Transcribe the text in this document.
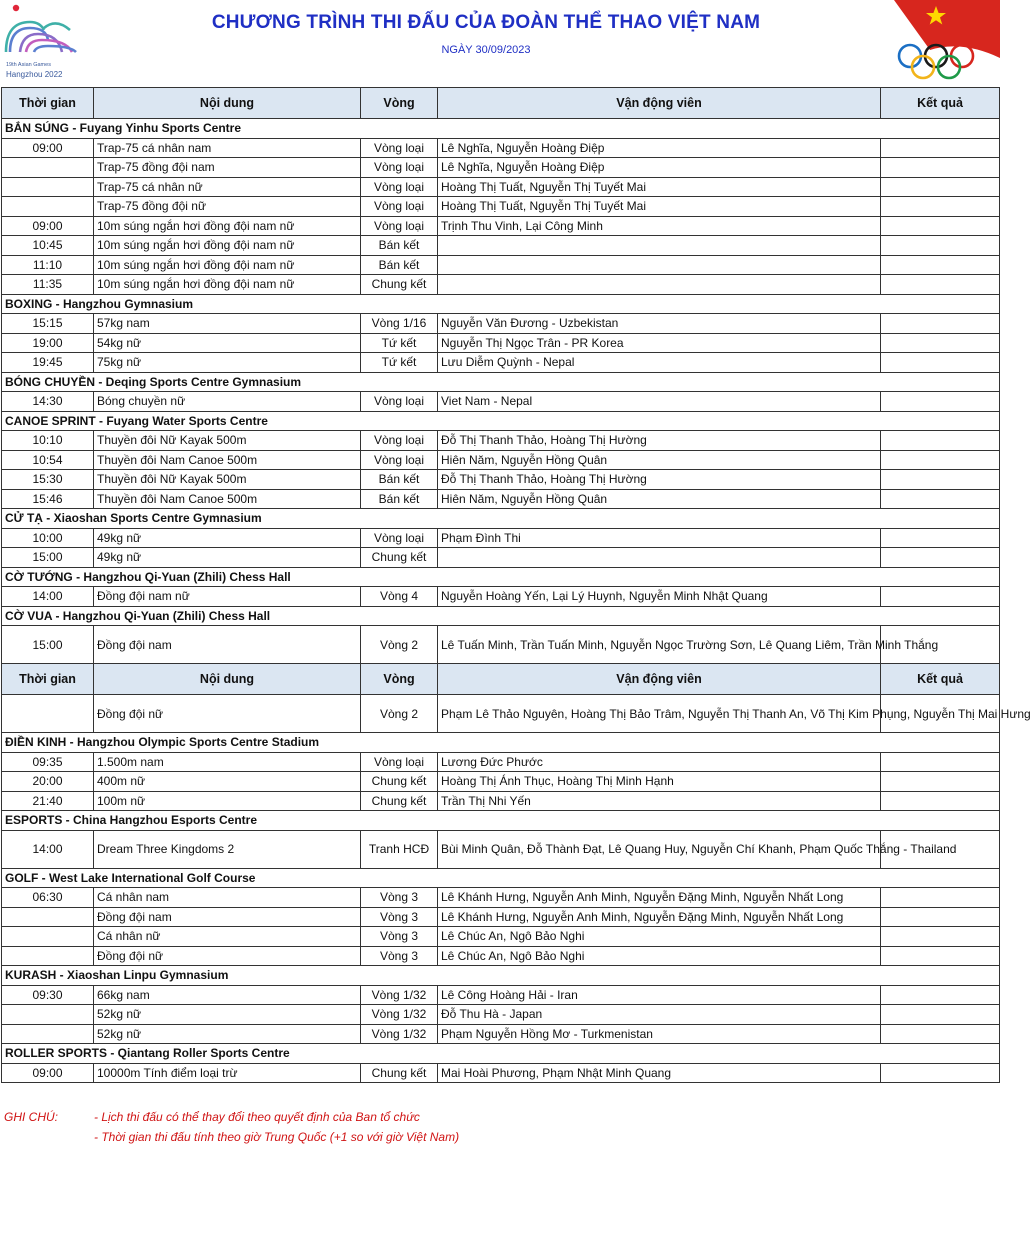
19th Asian Games
Hangzhou 2022
CHƯƠNG TRÌNH THI ĐẤU CỦA ĐOÀN THỂ THAO VIỆT NAM
NGÀY 30/09/2023
Thời gian	Nội dung	Vòng	Vận động viên	Kết quả
BẮN SÚNG - Fuyang Yinhu Sports Centre				
09:00	Trap-75 cá nhân nam	Vòng loại	Lê Nghĩa, Nguyễn Hoàng Điệp	
	Trap-75 đồng đội nam	Vòng loại	Lê Nghĩa, Nguyễn Hoàng Điệp	
	Trap-75 cá nhân nữ	Vòng loại	Hoàng Thị Tuất, Nguyễn Thị Tuyết Mai	
	Trap-75 đồng đội nữ	Vòng loại	Hoàng Thị Tuất, Nguyễn Thị Tuyết Mai	
09:00	10m súng ngắn hơi đồng đội nam nữ	Vòng loại	Trịnh Thu Vinh, Lại Công Minh	
10:45	10m súng ngắn hơi đồng đội nam nữ	Bán kết		
11:10	10m súng ngắn hơi đồng đội nam nữ	Bán kết		
11:35	10m súng ngắn hơi đồng đội nam nữ	Chung kết		
BOXING - Hangzhou Gymnasium				
15:15	57kg nam	Vòng 1/16	Nguyễn Văn Đương - Uzbekistan	
19:00	54kg nữ	Tứ kết	Nguyễn Thị Ngọc Trân - PR Korea	
19:45	75kg nữ	Tứ kết	Lưu Diễm Quỳnh - Nepal	
BÓNG CHUYỀN - Deqing Sports Centre Gymnasium				
14:30	Bóng chuyền nữ	Vòng loại	Viet Nam - Nepal	
CANOE SPRINT - Fuyang Water Sports Centre				
10:10	Thuyền đôi Nữ Kayak 500m	Vòng loại	Đỗ Thị Thanh Thảo, Hoàng Thị Hường	
10:54	Thuyền đôi Nam Canoe 500m	Vòng loại	Hiên Năm, Nguyễn Hồng Quân	
15:30	Thuyền đôi Nữ Kayak 500m	Bán kết	Đỗ Thị Thanh Thảo, Hoàng Thị Hường	
15:46	Thuyền đôi Nam Canoe 500m	Bán kết	Hiên Năm, Nguyễn Hồng Quân	
CỬ TẠ - Xiaoshan Sports Centre Gymnasium				
10:00	49kg nữ	Vòng loại	Phạm Đình Thi	
15:00	49kg nữ	Chung kết		
CỜ TƯỚNG - Hangzhou Qi-Yuan (Zhili) Chess Hall				
14:00	Đồng đội nam nữ	Vòng 4	Nguyễn Hoàng Yến, Lại Lý Huynh, Nguyễn Minh Nhật Quang	
CỜ VUA - Hangzhou Qi-Yuan (Zhili) Chess Hall				
15:00	Đồng đội nam	Vòng 2	Lê Tuấn Minh, Trần Tuấn Minh, Nguyễn Ngọc Trường Sơn, Lê Quang Liêm, Trần Minh Thắng	
Thời gian	Nội dung	Vòng	Vận động viên	Kết quả
	Đồng đội nữ	Vòng 2	Phạm Lê Thảo Nguyên, Hoàng Thị Bảo Trâm, Nguyễn Thị Thanh An, Võ Thị Kim Phụng, Nguyễn Thị Mai Hưng	
ĐIỀN KINH - Hangzhou Olympic Sports Centre Stadium				
09:35	1.500m nam	Vòng loại	Lương Đức Phước	
20:00	400m nữ	Chung kết	Hoàng Thị Ánh Thục, Hoàng Thị Minh Hạnh	
21:40	100m nữ	Chung kết	Trần Thị Nhi Yến	
ESPORTS - China Hangzhou Esports Centre				
14:00	Dream Three Kingdoms 2	Tranh HCĐ	Bùi Minh Quân, Đỗ Thành Đạt, Lê Quang Huy, Nguyễn Chí Khanh, Phạm Quốc Thắng - Thailand	
GOLF - West Lake International Golf Course				
06:30	Cá nhân nam	Vòng 3	Lê Khánh Hưng, Nguyễn Anh Minh, Nguyễn Đặng Minh, Nguyễn Nhất Long	
	Đồng đội nam	Vòng 3	Lê Khánh Hưng, Nguyễn Anh Minh, Nguyễn Đặng Minh, Nguyễn Nhất Long	
	Cá nhân nữ	Vòng 3	Lê Chúc An, Ngô Bảo Nghi	
	Đồng đội nữ	Vòng 3	Lê Chúc An, Ngô Bảo Nghi	
KURASH - Xiaoshan Linpu Gymnasium				
09:30	66kg nam	Vòng 1/32	Lê Công Hoàng Hải - Iran	
	52kg nữ	Vòng 1/32	Đỗ Thu Hà - Japan	
	52kg nữ	Vòng 1/32	Phạm Nguyễn Hồng Mơ - Turkmenistan	
ROLLER SPORTS - Qiantang Roller Sports Centre				
09:00	10000m Tính điểm loại trừ	Chung kết	Mai Hoài Phương, Phạm Nhật Minh Quang	
GHI CHÚ:	- Lịch thi đấu có thể thay đổi theo quyết định của Ban tổ chức
- Thời gian thi đấu tính theo giờ Trung Quốc (+1 so với giờ Việt Nam)
